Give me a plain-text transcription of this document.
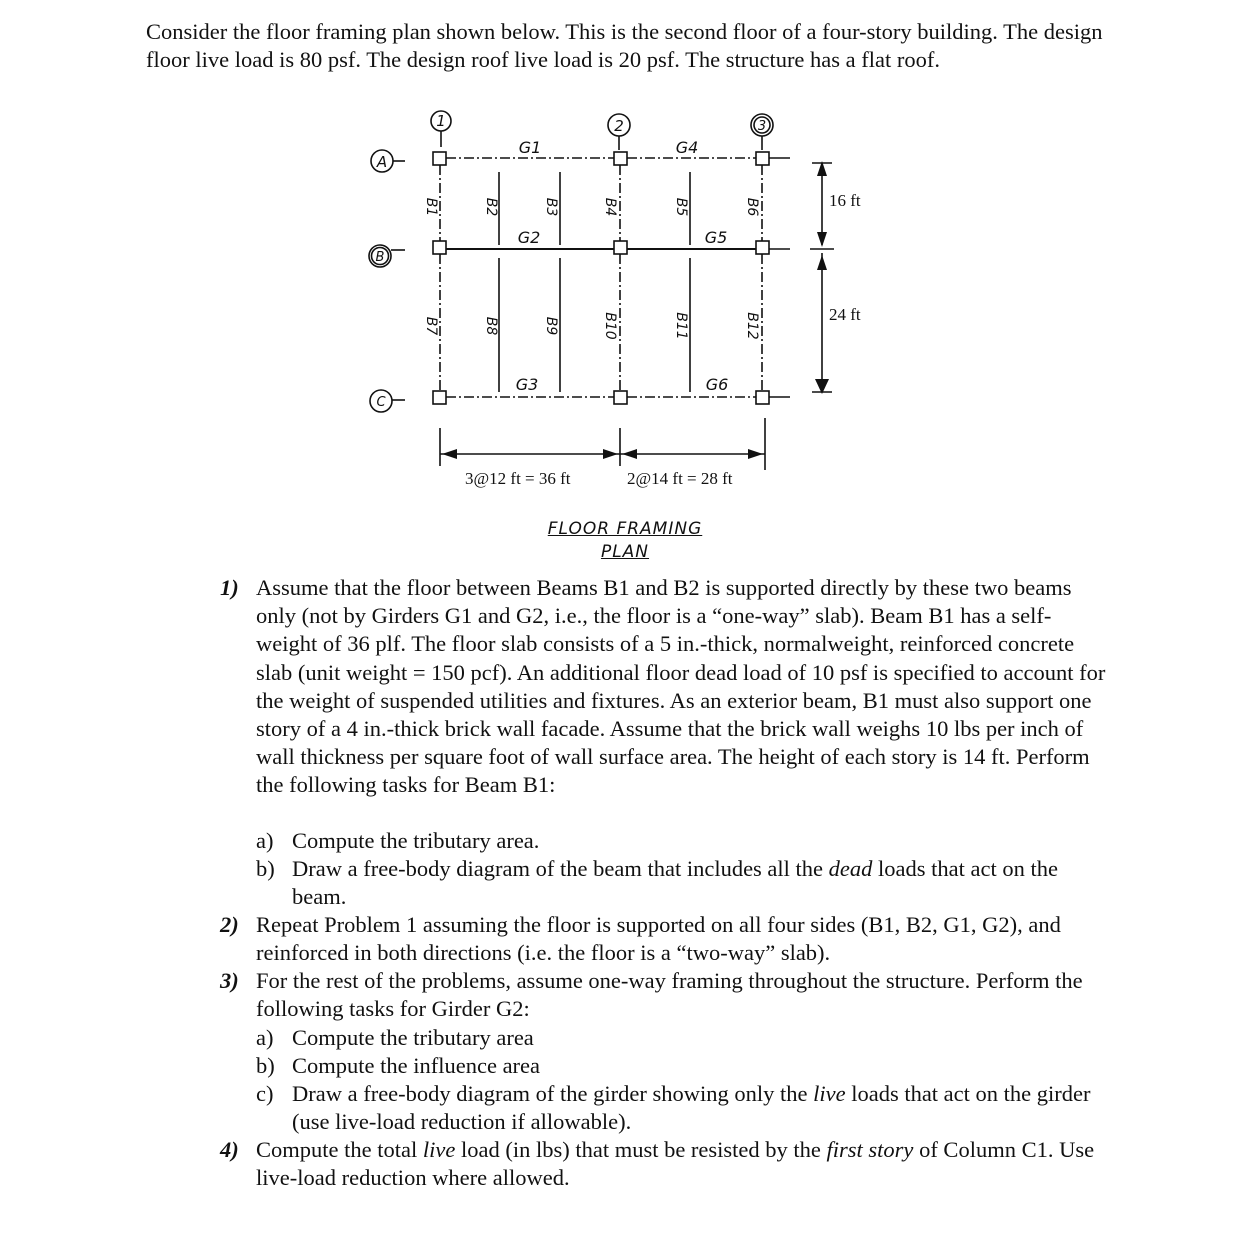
Consider the floor framing plan shown below. This is the second floor of a four-story building. The design floor live load is 80 psf. The design roof live load is 20 psf. The structure has a flat roof.

1	2	3
A
B
C
G1
G2
G3
G4
G5
G6
B1	B2	B3	B4	B5	B6
B7	B8	B9	B10	B11	B12
16 ft
24 ft
3@12 ft = 36 ft	2@14 ft = 28 ft
FLOOR FRAMING
PLAN
1) Assume that the floor between Beams B1 and B2 is supported directly by these two beams only (not by Girders G1 and G2, i.e., the floor is a “one-way” slab). Beam B1 has a self-weight of 36 plf. The floor slab consists of a 5 in.-thick, normalweight, reinforced concrete slab (unit weight = 150 pcf). An additional floor dead load of 10 psf is specified to account for the weight of suspended utilities and fixtures. As an exterior beam, B1 must also support one story of a 4 in.-thick brick wall facade. Assume that the brick wall weighs 10 lbs per inch of wall thickness per square foot of wall surface area. The height of each story is 14 ft. Perform the following tasks for Beam B1:

a) Compute the tributary area.

b) Draw a free-body diagram of the beam that includes all the dead loads that act on the beam.

2) Repeat Problem 1 assuming the floor is supported on all four sides (B1, B2, G1, G2), and reinforced in both directions (i.e. the floor is a “two-way” slab).

3) For the rest of the problems, assume one-way framing throughout the structure. Perform the following tasks for Girder G2:

a) Compute the tributary area

b) Compute the influence area

c) Draw a free-body diagram of the girder showing only the live loads that act on the girder (use live-load reduction if allowable).

4) Compute the total live load (in lbs) that must be resisted by the first story of Column C1. Use live-load reduction where allowed.
